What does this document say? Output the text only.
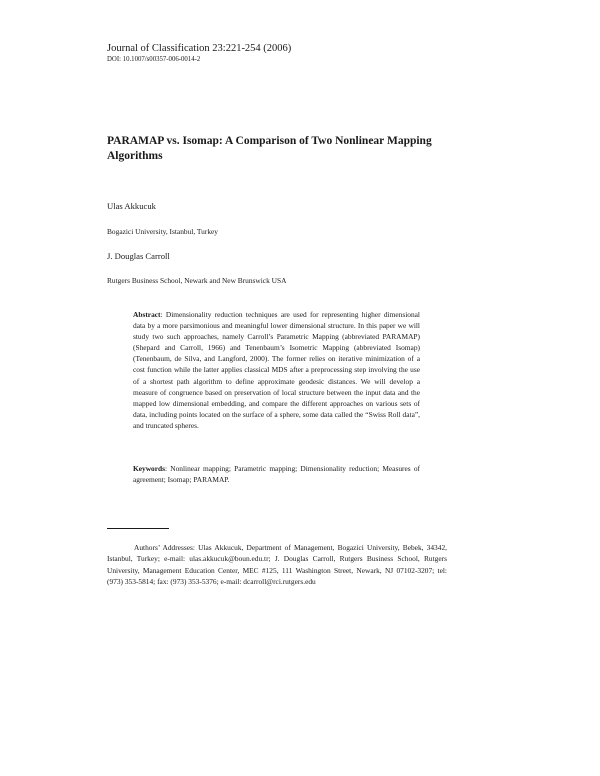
Journal of Classification 23:221-254 (2006)
DOI: 10.1007/s00357-006-0014-2
PARAMAP vs. Isomap: A Comparison of Two Nonlinear Mapping Algorithms
Ulas Akkucuk
Bogazici University, Istanbul, Turkey
J. Douglas Carroll
Rutgers Business School, Newark and New Brunswick USA
Abstract: Dimensionality reduction techniques are used for representing higher dimensional data by a more parsimonious and meaningful lower dimensional structure. In this paper we will study two such approaches, namely Carroll’s Parametric Mapping (abbreviated PARAMAP) (Shepard and Carroll, 1966) and Tenenbaum’s Isometric Mapping (abbreviated Isomap) (Tenenbaum, de Silva, and Langford, 2000). The former relies on iterative minimization of a cost function while the latter applies classical MDS after a preprocessing step involving the use of a shortest path algorithm to define approximate geodesic distances. We will develop a measure of congruence based on preservation of local structure between the input data and the mapped low dimensional embedding, and compare the different approaches on various sets of data, including points located on the surface of a sphere, some data called the “Swiss Roll data”, and truncated spheres.
Keywords: Nonlinear mapping; Parametric mapping; Dimensionality reduction; Measures of agreement; Isomap; PARAMAP.
Authors’ Addresses: Ulas Akkucuk, Department of Management, Bogazici University, Bebek, 34342, Istanbul, Turkey; e-mail: ulas.akkucuk@boun.edu.tr; J. Douglas Carroll, Rutgers Business School, Rutgers University, Management Education Center, MEC #125, 111 Washington Street, Newark, NJ 07102-3207; tel: (973) 353-5814; fax: (973) 353-5376; e-mail: dcarroll@rci.rutgers.edu
